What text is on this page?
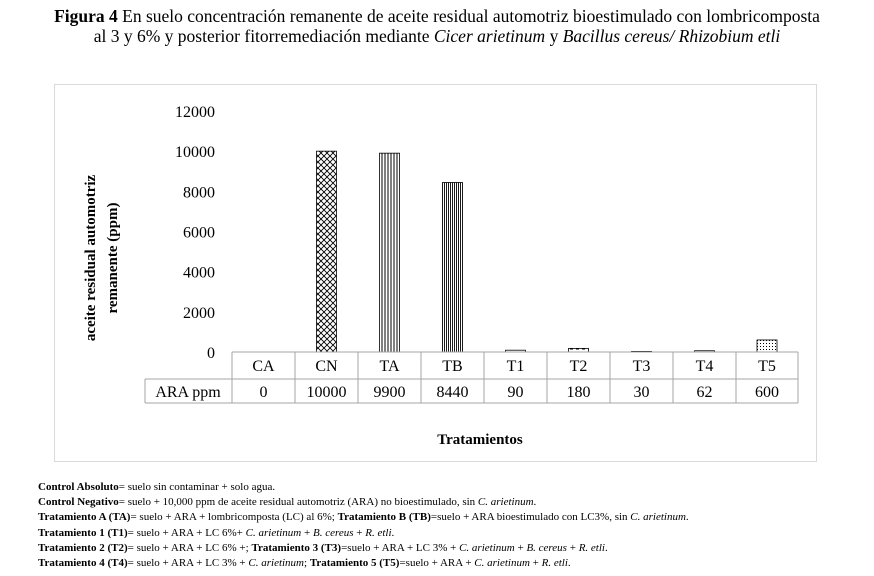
Figura 4 En suelo concentración remanente de aceite residual automotriz bioestimulado con lombricomposta
al 3 y 6% y posterior fitorremediación mediante Cicer arietinum y Bacillus cereus/ Rhizobium etli
0
2000
4000
6000
8000
10000
12000
aceite residual automotriz remanente (ppm)
CA
0
CN
10000
TA
9900
TB
8440
T1
90
T2
180
T3
30
T4
62
T5
600
ARA ppm
Tratamientos
Control Absoluto= suelo sin contaminar + solo agua.
Control Negativo= suelo + 10,000 ppm de aceite residual automotriz (ARA) no bioestimulado, sin C. arietinum.
Tratamiento A (TA)= suelo + ARA + lombricomposta (LC) al 6%; Tratamiento B (TB)=suelo + ARA bioestimulado con LC3%, sin C. arietinum.
Tratamiento 1 (T1)= suelo + ARA + LC 6%+ C. arietinum + B. cereus + R. etli.
Tratamiento 2 (T2)= suelo + ARA + LC 6% +; Tratamiento 3 (T3)=suelo + ARA + LC 3% + C. arietinum + B. cereus + R. etli.
Tratamiento 4 (T4)= suelo + ARA + LC 3% + C. arietinum; Tratamiento 5 (T5)=suelo + ARA + C. arietinum + R. etli.
